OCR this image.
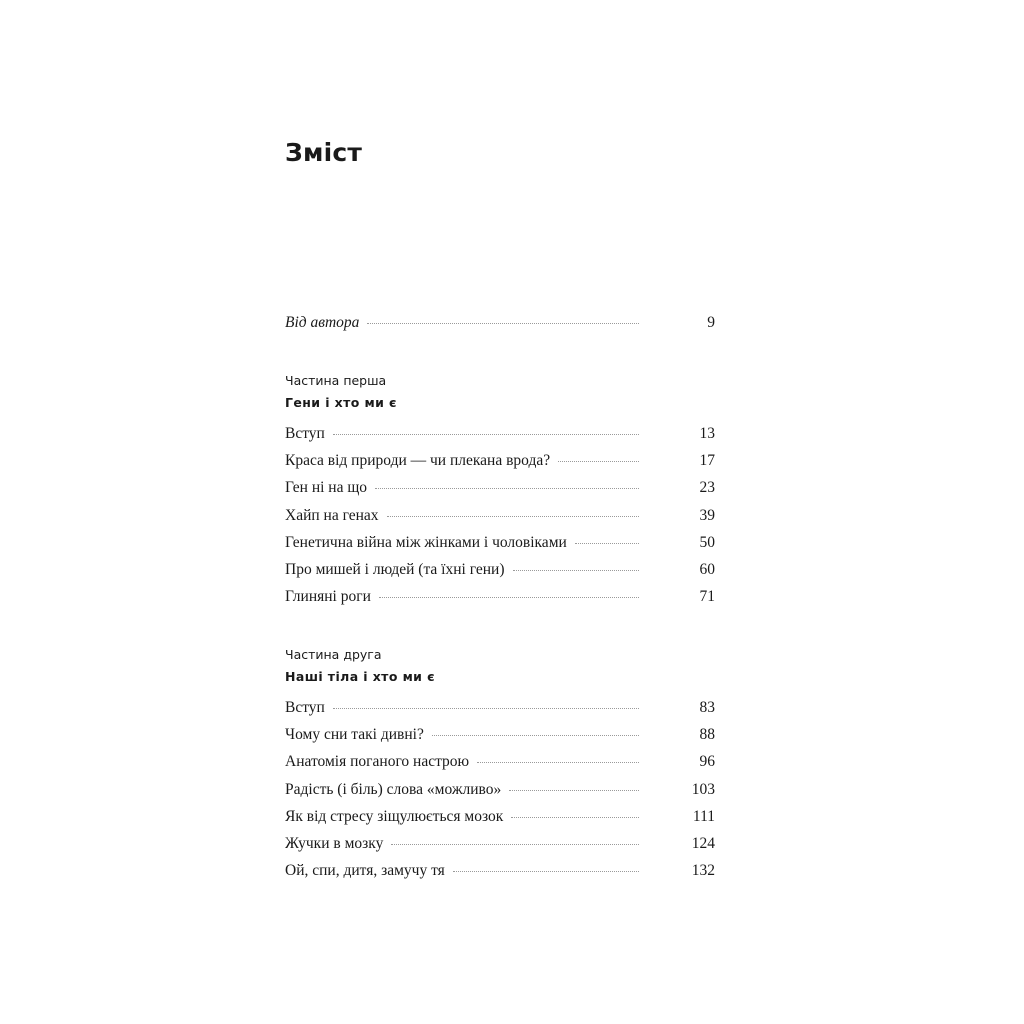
Зміст
Від автора	9
Частина перша
Гени і хто ми є
Вступ	13
Краса від природи — чи плекана врода?	17
Ген ні на що	23
Хайп на генах	39
Генетична війна між жінками і чоловіками	50
Про мишей і людей (та їхні гени)	60
Глиняні роги	71
Частина друга
Наші тіла і хто ми є
Вступ	83
Чому сни такі дивні?	88
Анатомія поганого настрою	96
Радість (і біль) слова «можливо»	103
Як від стресу зіщулюється мозок	111
Жучки в мозку	124
Ой, спи, дитя, замучу тя	132
